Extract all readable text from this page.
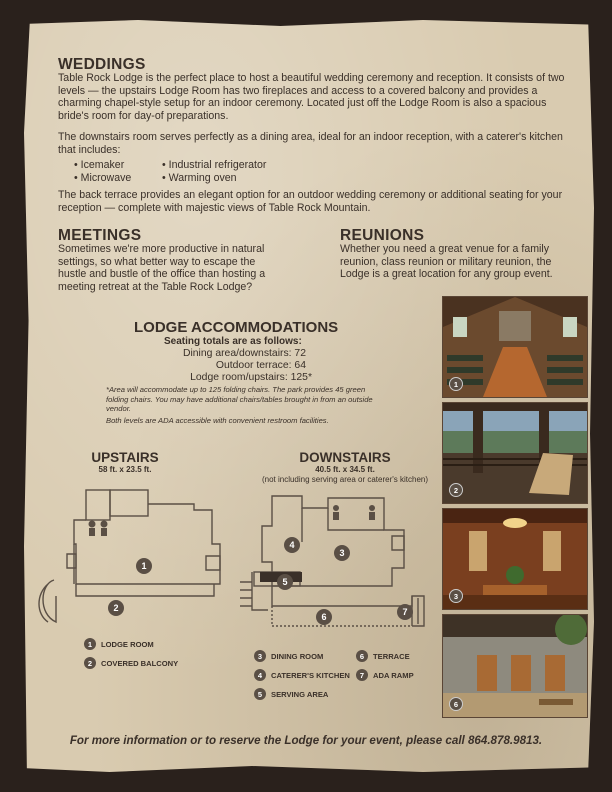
WEDDINGS

Table Rock Lodge is the perfect place to host a beautiful wedding ceremony and reception. It consists of two levels — the upstairs Lodge Room has two fireplaces and access to a covered balcony and provides a charming chapel-style setup for an indoor ceremony. Located just off the Lodge Room is also a spacious bride's room for day-of preparations.

The downstairs room serves perfectly as a dining area, ideal for an indoor reception, with a caterer's kitchen that includes:

• Icemaker
• Microwave
• Industrial refrigerator
• Warming oven

The back terrace provides an elegant option for an outdoor wedding ceremony or additional seating for your reception — complete with majestic views of Table Rock Mountain.

MEETINGS

Sometimes we're more productive in natural settings, so what better way to escape the hustle and bustle of the office than hosting a meeting retreat at the Table Rock Lodge?

REUNIONS

Whether you need a great venue for a family reunion, class reunion or military reunion, the Lodge is a great location for any group event.

LODGE ACCOMMODATIONS
Seating totals are as follows:
Dining area/downstairs: 72
Outdoor terrace: 64
Lodge room/upstairs: 125*
*Area will accommodate up to 125 folding chairs. The park provides 45 green folding chairs. You may have additional chairs/tables brought in from an outside vendor.
Both levels are ADA accessible with convenient restroom facilities.
UPSTAIRS
58 ft. x 23.5 ft.
1
2
DOWNSTAIRS
40.5 ft. x 34.5 ft.
(not including serving area or caterer's kitchen)
3
4
5
6	7
1	LODGE ROOM
2	COVERED BALCONY
3	DINING ROOM	6	TERRACE
4	CATERER'S KITCHEN	7	ADA RAMP
5	SERVING AREA
1
2
3
6
For more information or to reserve the Lodge for your event, please call 864.878.9813.
